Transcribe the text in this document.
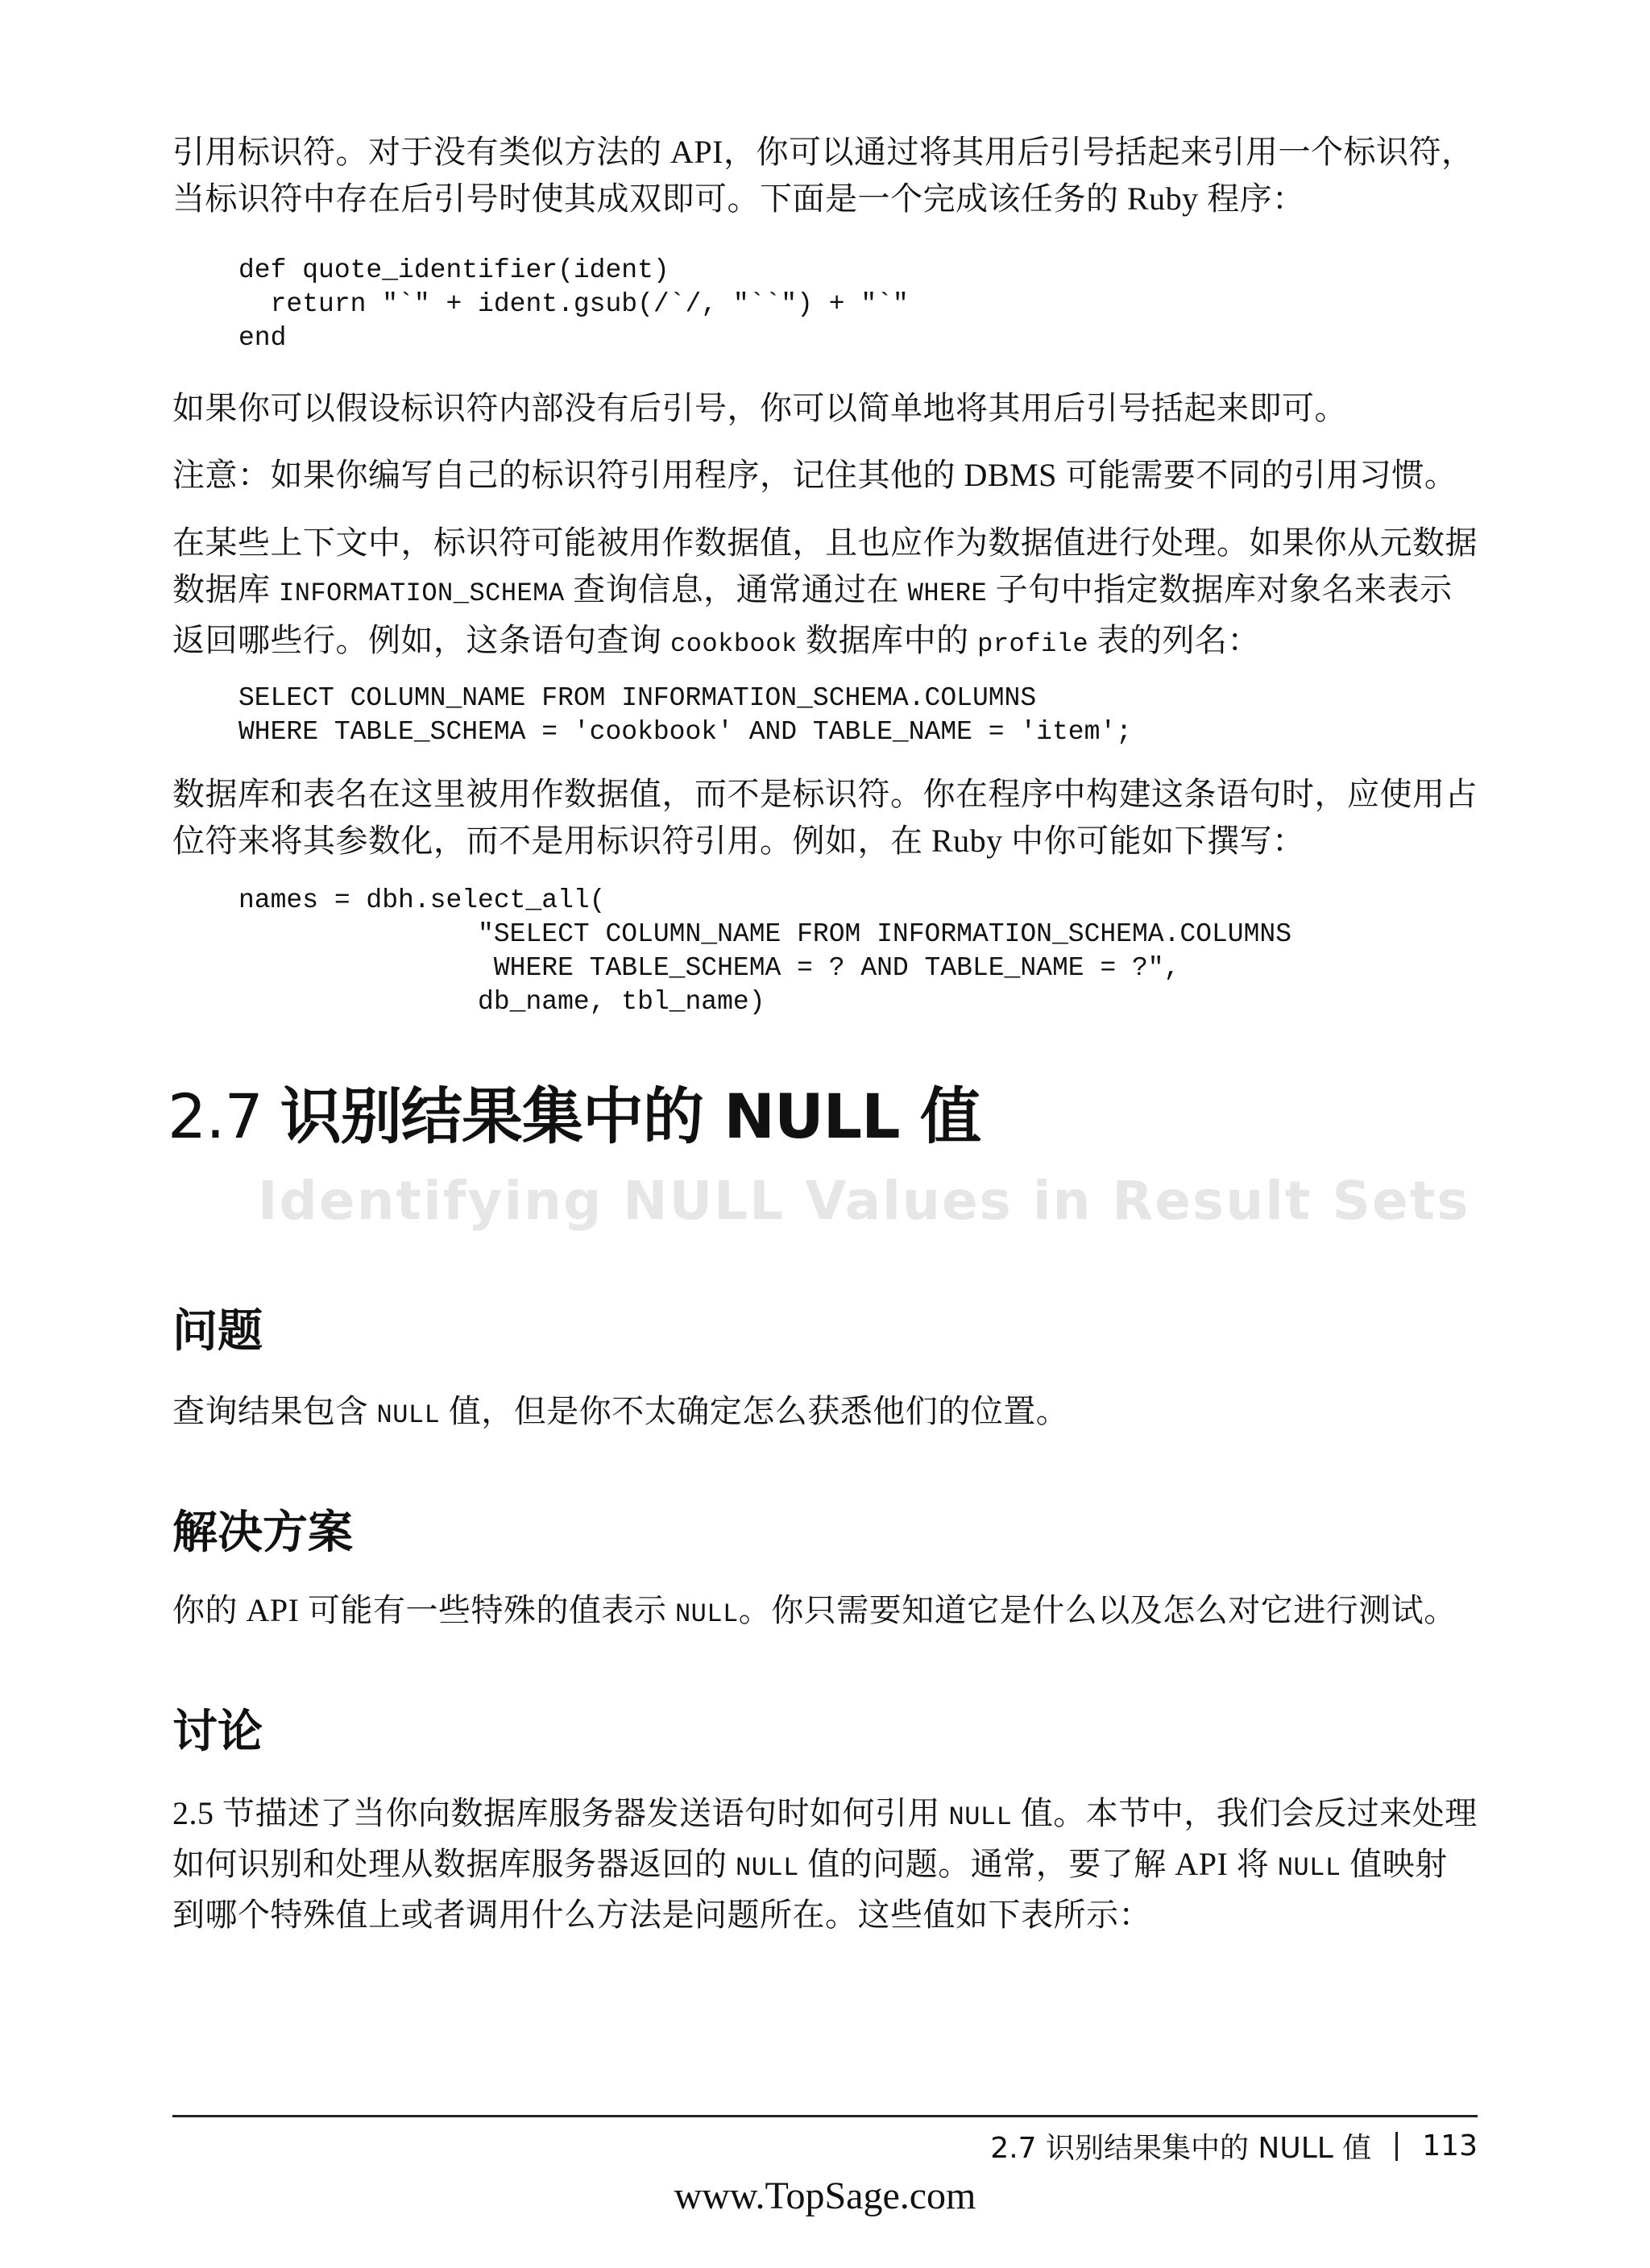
引用标识符。对于没有类似方法的 API，你可以通过将其用后引号括起来引用一个标识符，当标识符中存在后引号时使其成双即可。下面是一个完成该任务的 Ruby 程序：

def quote_identifier(ident)
return "`" + ident.gsub(/`/, "``") + "`"
end

如果你可以假设标识符内部没有后引号，你可以简单地将其用后引号括起来即可。

注意：如果你编写自己的标识符引用程序，记住其他的 DBMS 可能需要不同的引用习惯。

在某些上下文中，标识符可能被用作数据值，且也应作为数据值进行处理。如果你从元数据数据库 INFORMATION_SCHEMA 查询信息，通常通过在 WHERE 子句中指定数据库对象名来表示返回哪些行。例如，这条语句查询 cookbook 数据库中的 profile 表的列名：

SELECT COLUMN_NAME FROM INFORMATION_SCHEMA.COLUMNS
WHERE TABLE_SCHEMA = 'cookbook' AND TABLE_NAME = 'item';

数据库和表名在这里被用作数据值，而不是标识符。你在程序中构建这条语句时，应使用占位符来将其参数化，而不是用标识符引用。例如，在 Ruby 中你可能如下撰写：

names = dbh.select_all(
"SELECT COLUMN_NAME FROM INFORMATION_SCHEMA.COLUMNS
WHERE TABLE_SCHEMA = ? AND TABLE_NAME = ?",
db_name, tbl_name)
2.7 识别结果集中的 NULL 值
Identifying NULL Values in Result Sets
问题

查询结果包含 NULL 值，但是你不太确定怎么获悉他们的位置。

解决方案

你的 API 可能有一些特殊的值表示 NULL。你只需要知道它是什么以及怎么对它进行测试。

讨论

2.5 节描述了当你向数据库服务器发送语句时如何引用 NULL 值。本节中，我们会反过来处理如何识别和处理从数据库服务器返回的 NULL 值的问题。通常，要了解 API 将 NULL 值映射到哪个特殊值上或者调用什么方法是问题所在。这些值如下表所示：

2.7 识别结果集中的 NULL 值 113

www.TopSage.com
